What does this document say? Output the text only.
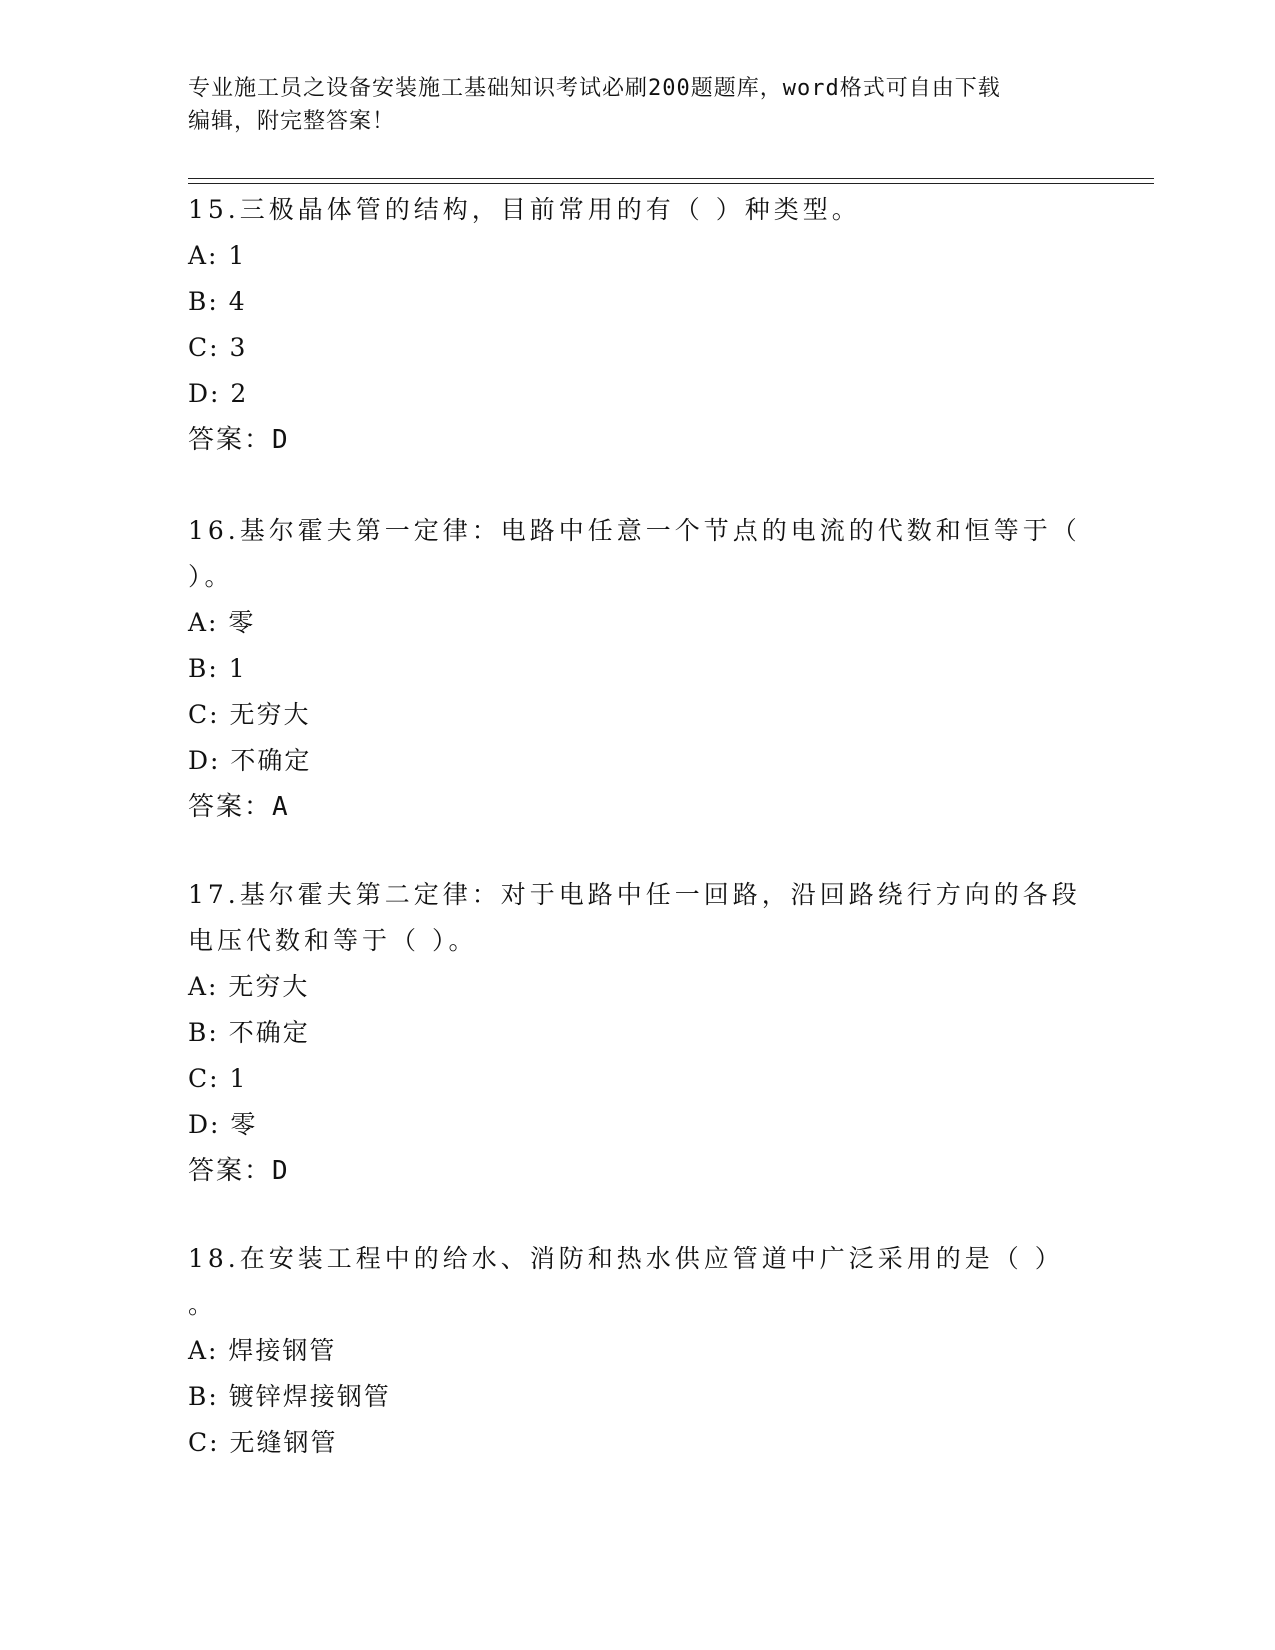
专业施工员之设备安装施工基础知识考试必刷200题题库，word格式可自由下载
编辑，附完整答案！

15.三极晶体管的结构，目前常用的有（ ）种类型。

A: 1

B: 4

C: 3

D: 2

答案：D

16.基尔霍夫第一定律：电路中任意一个节点的电流的代数和恒等于（

）。

A: 零

B: 1

C: 无穷大

D: 不确定

答案：A

17.基尔霍夫第二定律：对于电路中任一回路，沿回路绕行方向的各段

电压代数和等于（ ）。

A: 无穷大

B: 不确定

C: 1

D: 零

答案：D

18.在安装工程中的给水、消防和热水供应管道中广泛采用的是（ ）

。

A: 焊接钢管

B: 镀锌焊接钢管

C: 无缝钢管
